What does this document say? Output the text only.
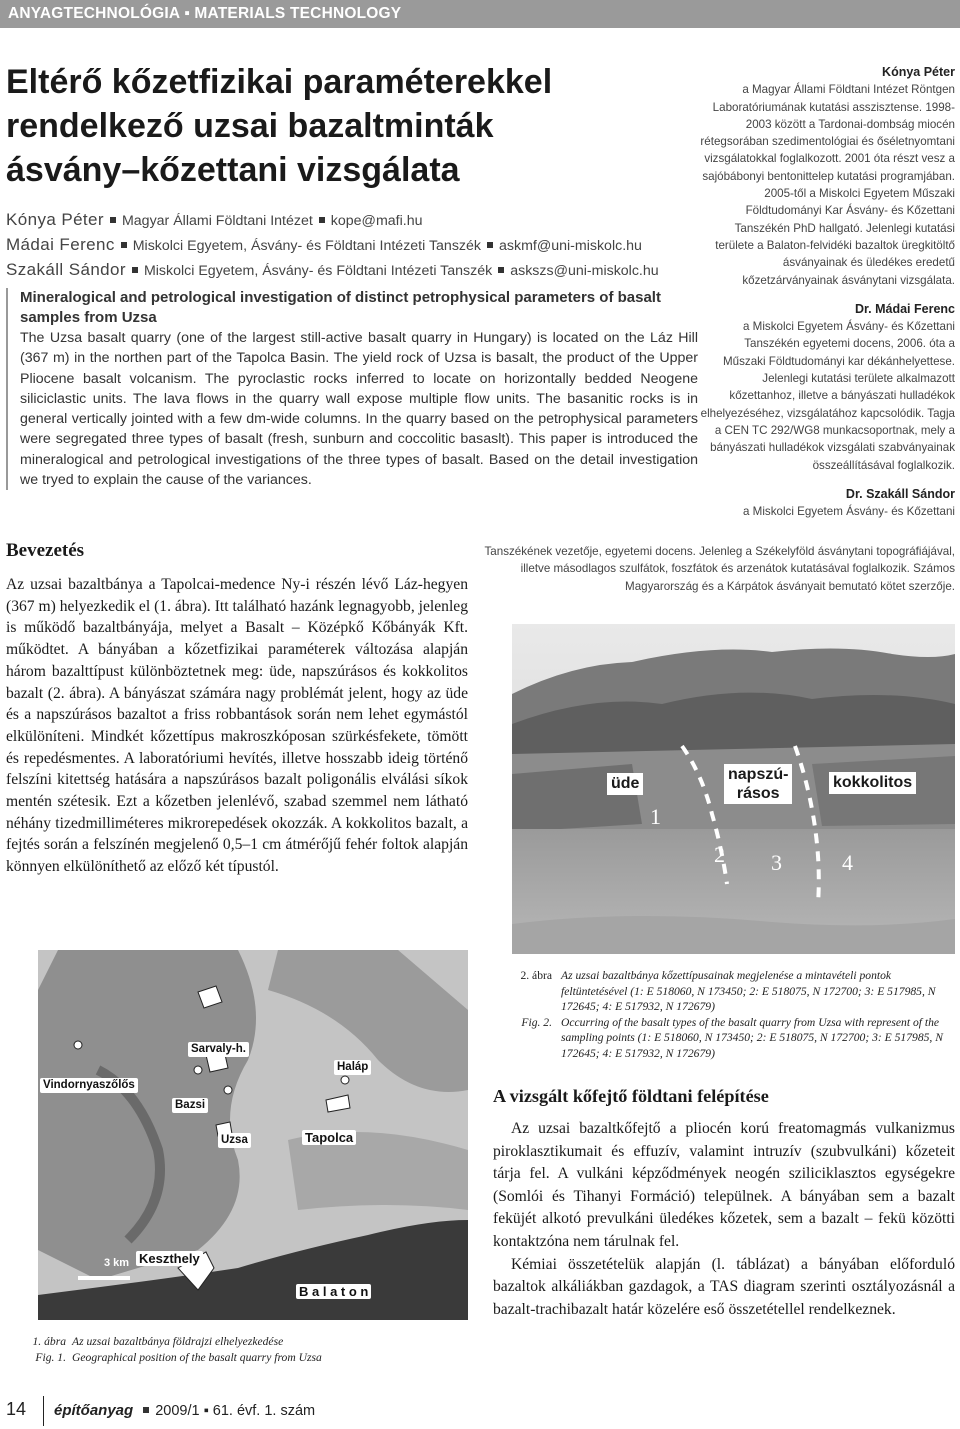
ANYAGTECHNOLÓGIA ▪ MATERIALS TECHNOLOGY
Eltérő kőzetfizikai paraméterekkel
rendelkező uzsai bazaltminták
ásvány–kőzettani vizsgálata
Kónya Péter Magyar Állami Földtani Intézet kope@mafi.hu
Mádai Ferenc Miskolci Egyetem, Ásvány- és Földtani Intézeti Tanszék askmf@uni-miskolc.hu
Szakáll Sándor Miskolci Egyetem, Ásvány- és Földtani Intézeti Tanszék askszs@uni-miskolc.hu
Mineralogical and petrological investigation of distinct petrophysical parameters of basalt samples from Uzsa
The Uzsa basalt quarry (one of the largest still-active basalt quarry in Hungary) is located on the Láz Hill (367 m) in the northen part of the Tapolca Basin. The yield rock of Uzsa is basalt, the product of the Upper Pliocene basalt volcanism. The pyroclastic rocks inferred to locate on horizontally bedded Neogene siliciclastic units. The lava flows in the quarry wall expose multiple flow units. The basanitic rocks is in general vertically jointed with a few dm-wide columns. In the quarry based on the petrophysical parameters were segregated three types of basalt (fresh, sunburn and coccolitic basaslt). This paper is introduced the mineralogical and petrological investigations of the three types of basalt. Based on the detail investigation we tryed to explain the cause of the variances.
Kónya Péter
a Magyar Állami Földtani Intézet Röntgen Laboratóriumának kutatási asszisztense. 1998-2003 között a Tardonai-dombság miocén rétegsorában szedimentológiai és őséletnyomtani vizsgálatokkal foglalkozott. 2001 óta részt vesz a sajóbábonyi bentonittelep kutatási programjában. 2005-től a Miskolci Egyetem Műszaki Földtudományi Kar Ásvány- és Kőzettani Tanszékén PhD hallgató. Jelenlegi kutatási területe a Balaton-felvidéki bazaltok üregkitöltő ásványainak és üledékes eredetű kőzetzárványainak ásványtani vizsgálata.
Dr. Mádai Ferenc
a Miskolci Egyetem Ásvány- és Kőzettani Tanszékén egyetemi docens, 2006. óta a Műszaki Földtudományi kar dékánhelyettese. Jelenlegi kutatási területe alkalmazott kőzettanhoz, illetve a bányászati hulladékok elhelyezéséhez, vizsgálatához kapcsolódik. Tagja a CEN TC 292/WG8 munkacsoportnak, mely a bányászati hulladékok vizsgálati szabványainak összeállításával foglalkozik.
Dr. Szakáll Sándor
a Miskolci Egyetem Ásvány- és Kőzettani
Tanszékének vezetője, egyetemi docens. Jelenleg a Székelyföld ásványtani topográfiájával, illetve másodlagos szulfátok, foszfátok és arzenátok kutatásával foglalkozik. Számos Magyarország és a Kárpátok ásványait bemutató kötet szerzője.
Bevezetés
Az uzsai bazaltbánya a Tapolcai-medence Ny-i részén lévő Láz-hegyen (367 m) helyezkedik el (1. ábra). Itt található hazánk legnagyobb, jelenleg is működő bazaltbányája, melyet a Basalt – Középkő Kőbányák Kft. működtet. A bányában a kőzetfizikai paraméterek változása alapján három bazalttípust különböztetnek meg: üde, napszúrásos és kokkolitos bazalt (2. ábra). A bányászat számára nagy problémát jelent, hogy az üde és a napszúrásos bazaltot a friss robbantások során nem lehet egymástól elkülöníteni. Mindkét kőzettípus makroszkóposan szürkésfekete, tömött és repedésmentes. A laboratóriumi hevítés, illetve hosszabb ideig történő felszíni kitettség hatására a napszúrásos bazalt poligonális elválási síkok mentén szétesik. Ezt a kőzetben jelenlévő, szabad szemmel nem látható néhány tizedmilliméteres mikrorepedések okozzák. A kokkolitos bazalt, a fejtés során a felszínén megjelenő 0,5–1 cm átmérőjű fehér foltok alapján könnyen elkülöníthető az előző két típustól.
üde
napszú-
rásos
kokkolitos
1
2 3	4
2. ábra Az uzsai bazaltbánya kőzettípusainak megjelenése a mintavételi pontok feltüntetésével (1: E 518060, N 173450; 2: E 518075, N 172700; 3: E 517985, N 172645; 4: E 517932, N 172679)
Fig. 2. Occurring of the basalt types of the basalt quarry from Uzsa with represent of the sampling points (1: E 518060, N 173450; 2: E 518075, N 172700; 3: E 517985, N 172645; 4: E 517932, N 172679)
A vizsgált kőfejtő földtani felépítése

Az uzsai bazaltkőfejtő a pliocén korú freatomagmás vulkanizmus piroklasztikumait és effuzív, valamint intruzív (szubvulkáni) kőzeteit tárja fel. A vulkáni képződmények neogén sziliciklasztos egységekre (Somlói és Tihanyi Formáció) települnek. A bányában sem a bazalt feküjét alkotó prevulkáni üledékes kőzetek, sem a bazalt – fekü közötti kontaktzóna nem tárulnak fel.

Kémiai összetételük alapján (l. táblázat) a bányában előforduló bazaltok alkáliákban gazdagok, a TAS diagram szerinti osztályozásnál a bazalt-trachibazalt határ közelére eső összetétellel rendelkeznek.

Sarvaly-h.
Haláp
Vindornyaszőlős
Bazsi
Uzsa	Tapolca
Keszthely
B a l a t o n
3 km
1. ábra Az uzsai bazaltbánya földrajzi elhelyezkedése
Fig. 1. Geographical position of the basalt quarry from Uzsa
14 építőanyag 2009/1 ▪ 61. évf. 1. szám
